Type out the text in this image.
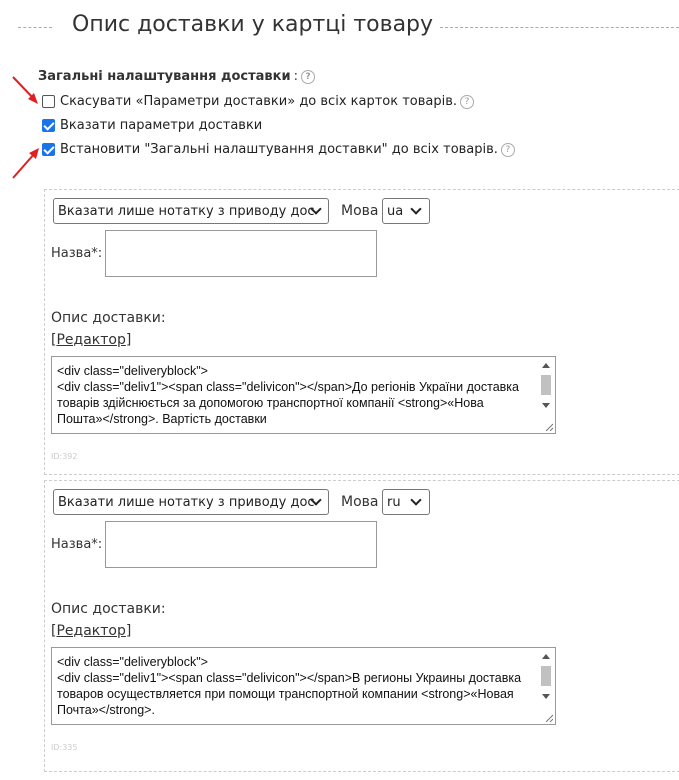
Опис доставки у картці товару
Загальні налаштування доставки : ?
Скасувати «Параметри доставки» до всіх карток товарів. ?
Вказати параметри доставки
Встановити "Загальні налаштування доставки" до всіх товарів. ?
Вказати лише нотатку з приводу дос	Мова ua
Назва*:
Опис доставки:
[Редактор]
<div class="deliveryblock">
<div class="deliv1"><span class="delivicon"></span>До регіонів України доставка товарів здійснюється за допомогою транспортної компанії <strong>«Нова Пошта»</strong>. Вартість доставки
ID:392
Вказати лише нотатку з приводу дос	Мова ru
Назва*:
Опис доставки:
[Редактор]
<div class="deliveryblock">
<div class="deliv1"><span class="delivicon"></span>В регионы Украины доставка товаров осуществляется при помощи транспортной компании <strong>«Новая Почта»</strong>.
ID:335
